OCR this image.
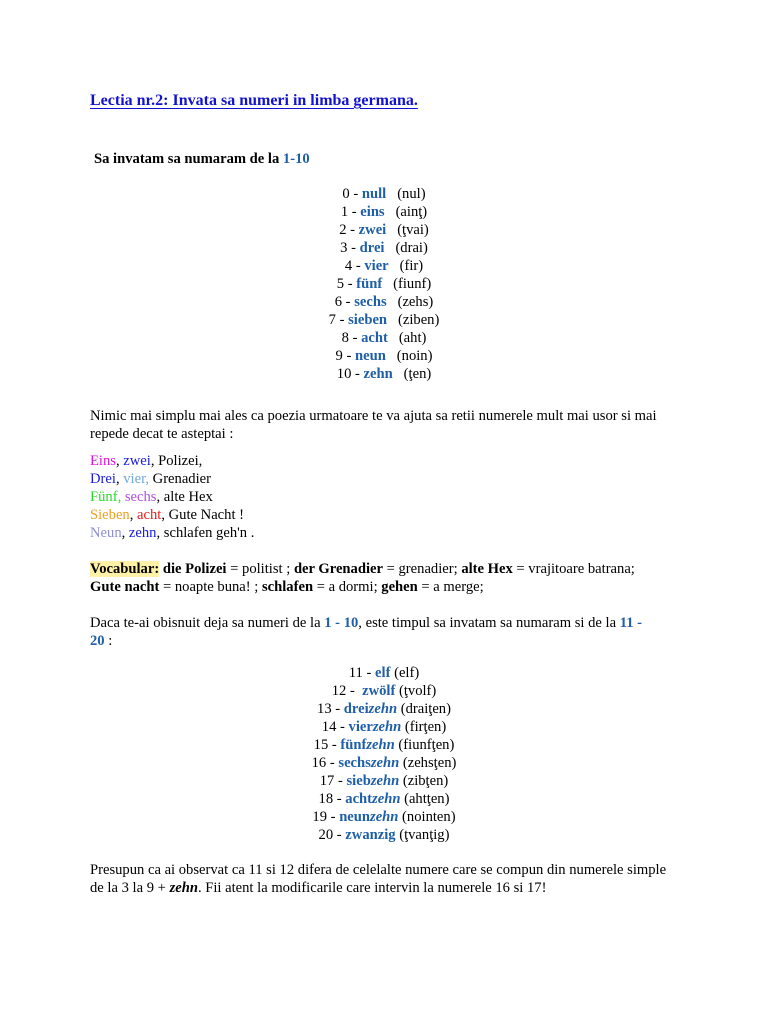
Lectia nr.2: Invata sa numeri in limba germana.
Sa invatam sa numaram de la 1-10
0 - null (nul)
1 - eins (ainţ)
2 - zwei (ţvai)
3 - drei (drai)
4 - vier (fir)
5 - fünf (fiunf)
6 - sechs (zehs)
7 - sieben (ziben)
8 - acht (aht)
9 - neun (noin)
10 - zehn (ţen)
Nimic mai simplu mai ales ca poezia urmatoare te va ajuta sa retii numerele mult mai usor si mai repede decat te asteptai :
Eins, zwei, Polizei,
Drei, vier, Grenadier
Fünf, sechs, alte Hex
Sieben, acht, Gute Nacht !
Neun, zehn, schlafen geh'n .
Vocabular: die Polizei = politist ; der Grenadier = grenadier; alte Hex = vrajitoare batrana;
Gute nacht = noapte buna! ; schlafen = a dormi; gehen = a merge;
Daca te-ai obisnuit deja sa numeri de la 1 - 10, este timpul sa invatam sa numaram si de la 11 -
20 :
11 - elf (elf)
12 -  zwölf (ţvolf)
13 - dreizehn (draiţen)
14 - vierzehn (firţen)
15 - fünfzehn (fiunfţen)
16 - sechszehn (zehsţen)
17 - siebzehn (zibţen)
18 - achtzehn (ahtţen)
19 - neunzehn (nointen)
20 - zwanzig (ţvanţig)
Presupun ca ai observat ca 11 si 12 difera de celelalte numere care se compun din numerele simple de la 3 la 9 + zehn. Fii atent la modificarile care intervin la numerele 16 si 17!
